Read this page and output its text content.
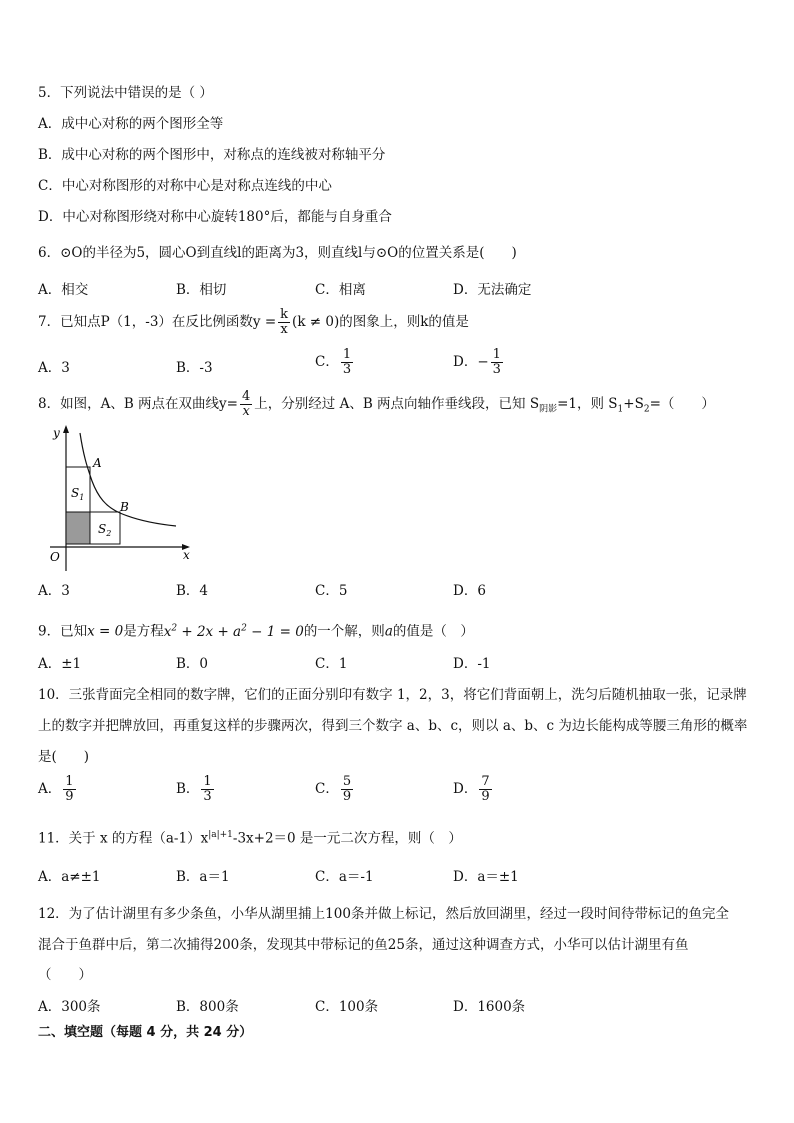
5．下列说法中错误的是（ ）
A．成中心对称的两个图形全等
B．成中心对称的两个图形中，对称点的连线被对称轴平分
C．中心对称图形的对称中心是对称点连线的中心
D．中心对称图形绕对称中心旋转180°后，都能与自身重合
6．⊙O的半径为5，圆心O到直线l的距离为3，则直线l与⊙O的位置关系是(　　)
A．相交	B．相切	C．相离	D．无法确定
7．已知点P（1，-3）在反比例函数$y = \frac{k}{x} (k \ne 0)$的图象上，则k的值是
A．3	B．-3	C． $\frac{1}{3}$	D．− $\frac{1}{3}$
8．如图，A、B 两点在双曲线$y= \frac{4}{x}$ 上，分别经过 A、B 两点向轴作垂线段，已知 $S_{阴影}=1$，则 $S_1+S_2=$（　　）
y
x
O
A
B
$S_1$
$S_2$
A．3	B．4	C．5	D．6
9．已知x = 0是方程$x^2 + 2x + a^2 - 1 = 0$的一个解，则a的值是（　）
A．±1	B．0	C．1	D．-1
10．三张背面完全相同的数字牌，它们的正面分别印有数字 1，2，3，将它们背面朝上，洗匀后随机抽取一张，记录牌
上的数字并把牌放回，再重复这样的步骤两次，得到三个数字 a、b、c，则以 a、b、c 为边长能构成等腰三角形的概率
是(　　)
A． $\frac{1}{9}$	B． $\frac{1}{3}$	C． $\frac{5}{9}$	D． $\frac{7}{9}$
11．关于 x 的方程$(a-1)x^{|a|+1}-3x+2=0$ 是一元二次方程，则（　）
A．a≠±1	B．a＝1	C．a＝-1	D．a＝±1
12．为了估计湖里有多少条鱼，小华从湖里捕上100条并做上标记，然后放回湖里，经过一段时间待带标记的鱼完全
混合于鱼群中后，第二次捕得200条，发现其中带标记的鱼25条，通过这种调查方式，小华可以估计湖里有鱼
（　　）
A．300条	B．800条	C．100条	D．1600条
二、填空题（每题 4 分，共 24 分）
